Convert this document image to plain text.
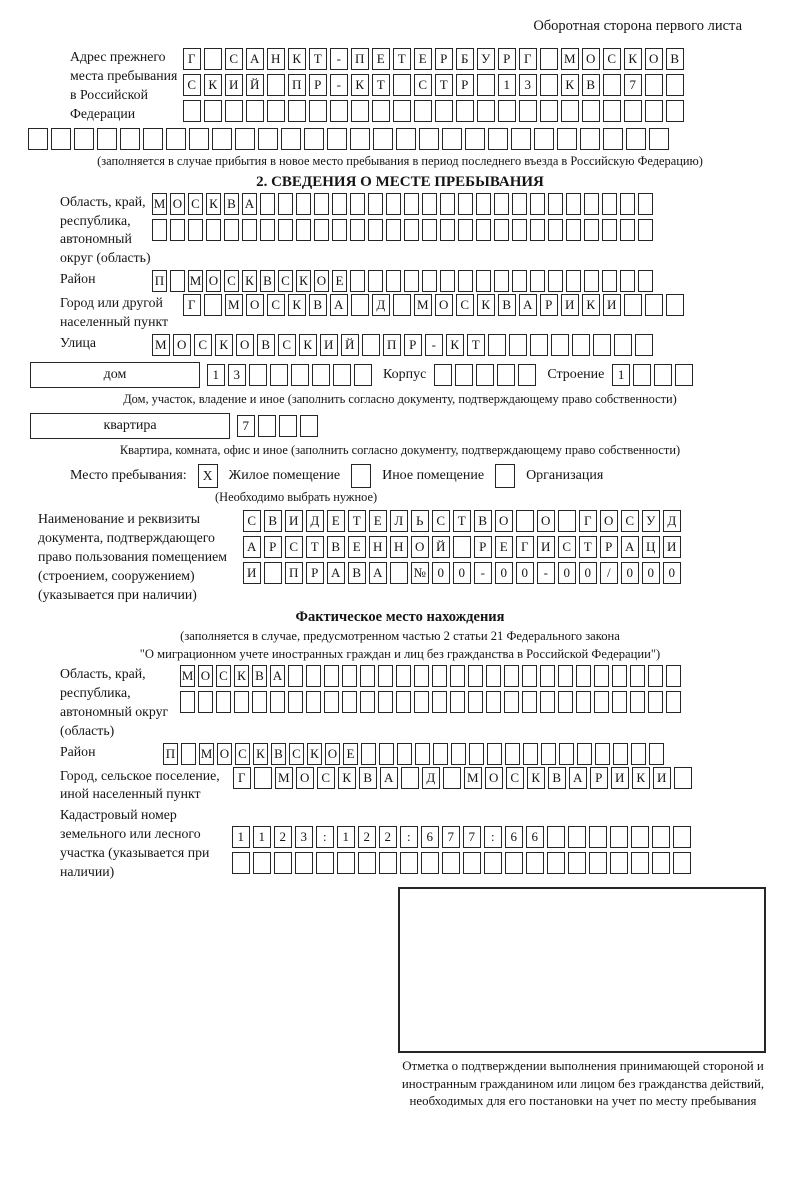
Оборотная сторона первого листа
Адрес прежнего места пребывания в Российской Федерации
Г	С А Н К Т	-	П Е	Т	Е	Р	Б У Р	Г	М О С К О В
С К И Й	П Р	-	К Т	С Т	Р	1	3	К В	7
(заполняется в случае прибытия в новое место пребывания в период последнего въезда в Российскую Федерацию)
2. СВЕДЕНИЯ О МЕСТЕ ПРЕБЫВАНИЯ
Область, край, республика, автономный округ (область)
М О С К В А
Район	П М О С К В С К О Е
Город или другой населенный пункт
Г	М О С К В А	Д	М О С К В А Р И К И
Улица	М О С К О В С К И Й	П Р	-	К Т
дом	1	3	Корпус	Строение	1
Дом, участок, владение и иное (заполнить согласно документу, подтверждающему право собственности)
квартира	7
Квартира, комната, офис и иное (заполнить согласно документу, подтверждающему право собственности)
Место пребывания:	X	Жилое помещение	Иное помещение	Организация
(Необходимо выбрать нужное)
Наименование и реквизиты документа, подтверждающего право пользования помещением (строением, сооружением) (указывается при наличии)
С В И Д Е	Т	Е Л Ь С Т В О	О	Г О С У Д
А Р	С Т В Е Н Н О Й	Р	Е	Г И С Т	Р А Ц И
И	П Р А В А	№ 0	0	-	0	0	-	0	0	/	0	0	0
Фактическое место нахождения
(заполняется в случае, предусмотренном частью 2 статьи 21 Федерального закона
"О миграционном учете иностранных граждан и лиц без гражданства в Российской Федерации")
Область, край, республика, автономный округ (область)
М О С К В А
Район	П М О С К В С К О Е
Город, сельское поселение, иной населенный пункт
Г	М О С К В А	Д	М О С К В А Р И К И
Кадастровый номер земельного или лесного участка (указывается при наличии)
1	1	2	3	:	1	2	2	:	6	7	7	:	6	6
Отметка о подтверждении выполнения принимающей стороной и иностранным гражданином или лицом без гражданства действий, необходимых для его постановки на учет по месту пребывания
